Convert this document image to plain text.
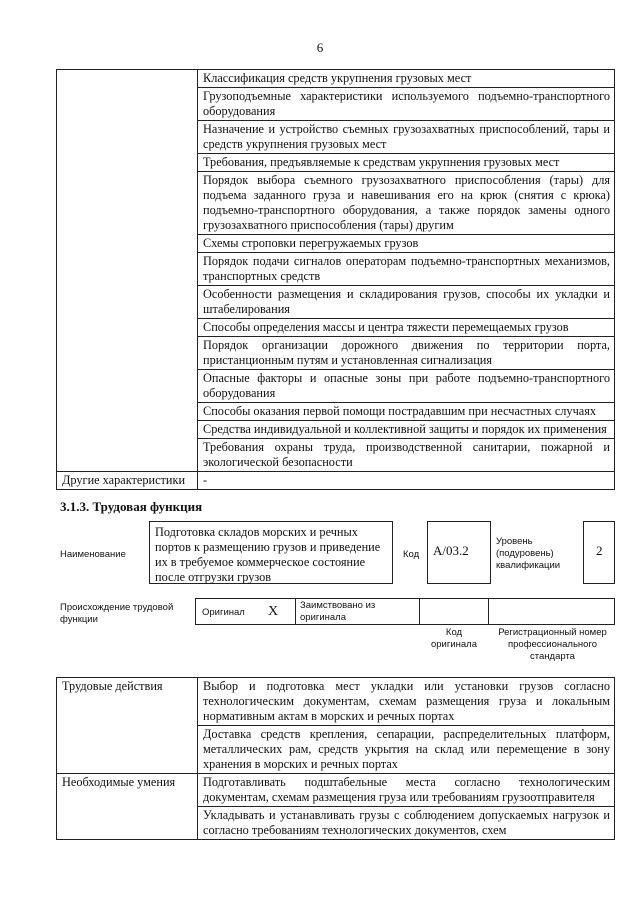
6
	Классификация средств укрупнения грузовых мест
	Грузоподъемные характеристики используемого подъемно-транспортного оборудования
	Назначение и устройство съемных грузозахватных приспособлений, тары и средств укрупнения грузовых мест
	Требования, предъявляемые к средствам укрупнения грузовых мест
	Порядок выбора съемного грузозахватного приспособления (тары) для подъема заданного груза и навешивания его на крюк (снятия с крюка) подъемно-транспортного оборудования, а также порядок замены одного грузозахватного приспособления (тары) другим
	Схемы строповки перегружаемых грузов
	Порядок подачи сигналов операторам подъемно-транспортных механизмов, транспортных средств
	Особенности размещения и складирования грузов, способы их укладки и штабелирования
	Способы определения массы и центра тяжести перемещаемых грузов
	Порядок организации дорожного движения по территории порта, пристанционным путям и установленная сигнализация
	Опасные факторы и опасные зоны при работе подъемно-транспортного оборудования
	Способы оказания первой помощи пострадавшим при несчастных случаях
	Средства индивидуальной и коллективной защиты и порядок их применения
	Требования охраны труда, производственной санитарии, пожарной и экологической безопасности
Другие характеристики	-
3.1.3. Трудовая функция
Наименование
Подготовка складов морских и речных портов к размещению грузов и приведение их в требуемое коммерческое состояние после отгрузки грузов
Код А/03.2
Уровень (подуровень) квалификации
2
Происхождение трудовой функции
Оригинал X Заимствовано из оригинала
Код оригинала
Регистрационный номер профессионального стандарта
Трудовые действия	Выбор и подготовка мест укладки или установки грузов согласно технологическим документам, схемам размещения груза и локальным нормативным актам в морских и речных портах
	Доставка средств крепления, сепарации, распределительных платформ, металлических рам, средств укрытия на склад или перемещение в зону хранения в морских и речных портах
Необходимые умения	Подготавливать подштабельные места согласно технологическим документам, схемам размещения груза или требованиям грузоотправителя
	Укладывать и устанавливать грузы с соблюдением допускаемых нагрузок и согласно требованиям технологических документов, схем
